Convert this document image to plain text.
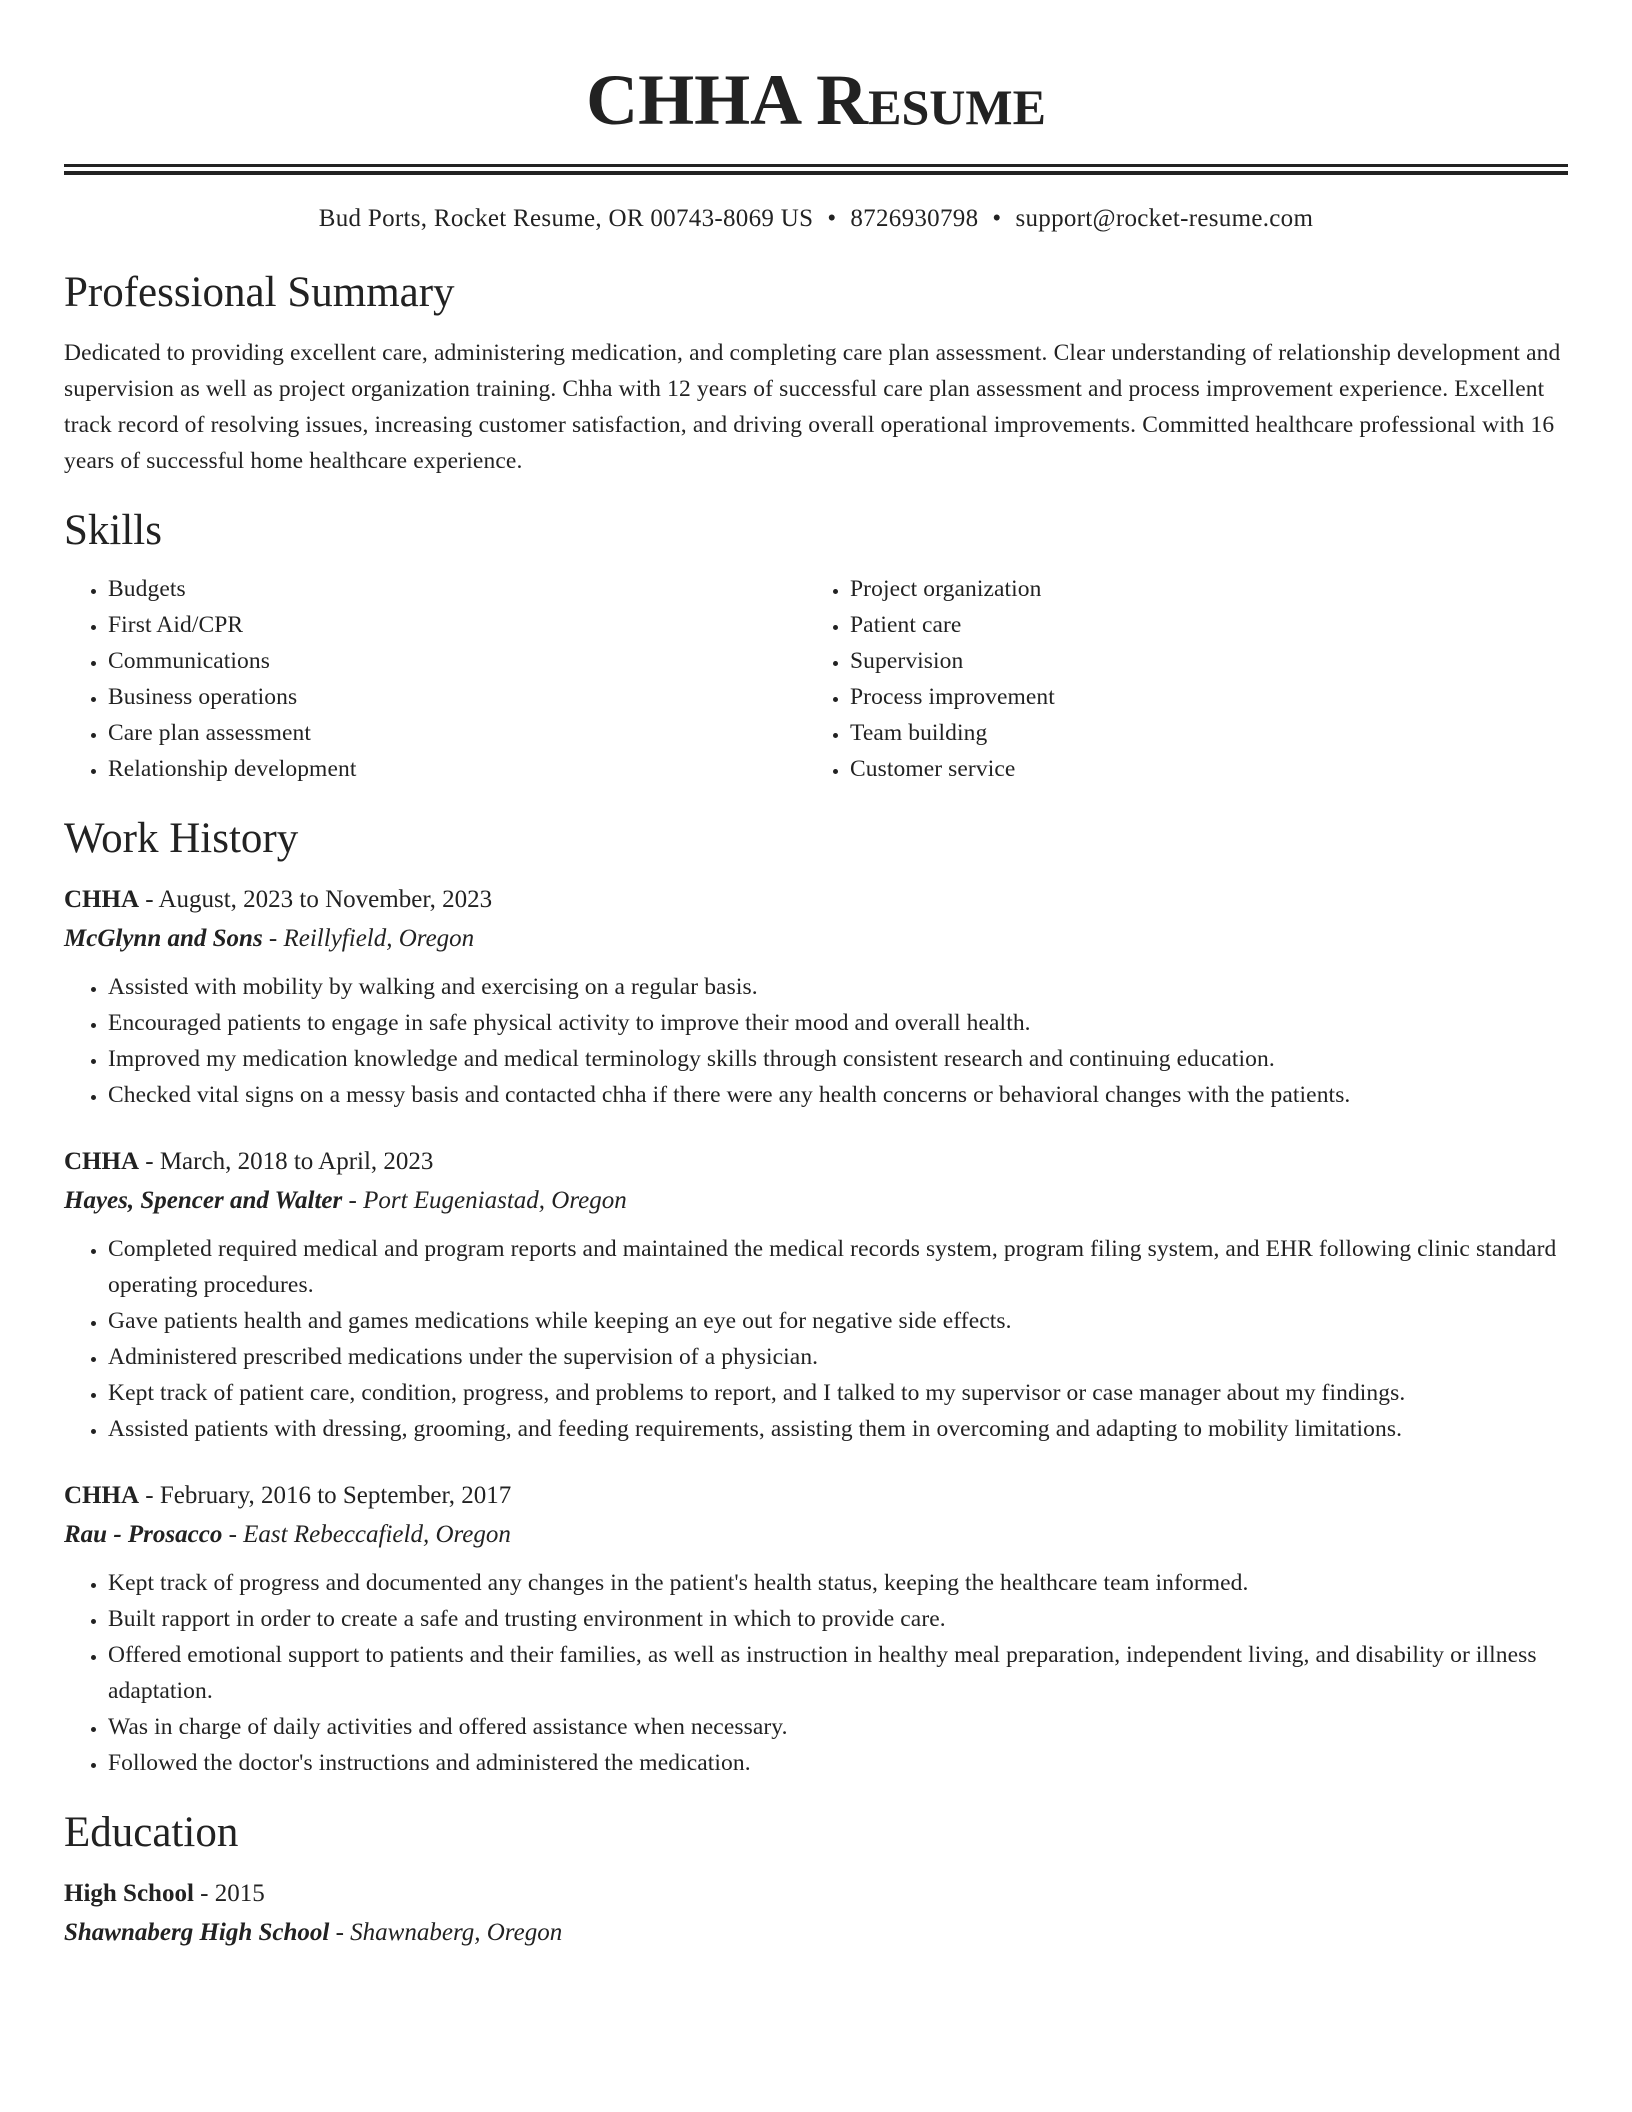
CHHA Resume
Bud Ports, Rocket Resume, OR 00743-8069 US • 8726930798 • support@rocket-resume.com
Professional Summary

Dedicated to providing excellent care, administering medication, and completing care plan assessment. Clear understanding of relationship development and supervision as well as project organization training. Chha with 12 years of successful care plan assessment and process improvement experience. Excellent track record of resolving issues, increasing customer satisfaction, and driving overall operational improvements. Committed healthcare professional with 16 years of successful home healthcare experience.

Skills
• Budgets
• First Aid/CPR
• Communications
• Business operations
• Care plan assessment
• Relationship development
• Project organization
• Patient care
• Supervision
• Process improvement
• Team building
• Customer service
Work History
CHHA - August, 2023 to November, 2023
McGlynn and Sons - Reillyfield, Oregon
• Assisted with mobility by walking and exercising on a regular basis.
• Encouraged patients to engage in safe physical activity to improve their mood and overall health.
• Improved my medication knowledge and medical terminology skills through consistent research and continuing education.
• Checked vital signs on a messy basis and contacted chha if there were any health concerns or behavioral changes with the patients.
CHHA - March, 2018 to April, 2023
Hayes, Spencer and Walter - Port Eugeniastad, Oregon
• Completed required medical and program reports and maintained the medical records system, program filing system, and EHR following clinic standard operating procedures.
• Gave patients health and games medications while keeping an eye out for negative side effects.
• Administered prescribed medications under the supervision of a physician.
• Kept track of patient care, condition, progress, and problems to report, and I talked to my supervisor or case manager about my findings.
• Assisted patients with dressing, grooming, and feeding requirements, assisting them in overcoming and adapting to mobility limitations.
CHHA - February, 2016 to September, 2017
Rau - Prosacco - East Rebeccafield, Oregon
• Kept track of progress and documented any changes in the patient's health status, keeping the healthcare team informed.
• Built rapport in order to create a safe and trusting environment in which to provide care.
• Offered emotional support to patients and their families, as well as instruction in healthy meal preparation, independent living, and disability or illness adaptation.
• Was in charge of daily activities and offered assistance when necessary.
• Followed the doctor's instructions and administered the medication.
Education
High School - 2015
Shawnaberg High School - Shawnaberg, Oregon
